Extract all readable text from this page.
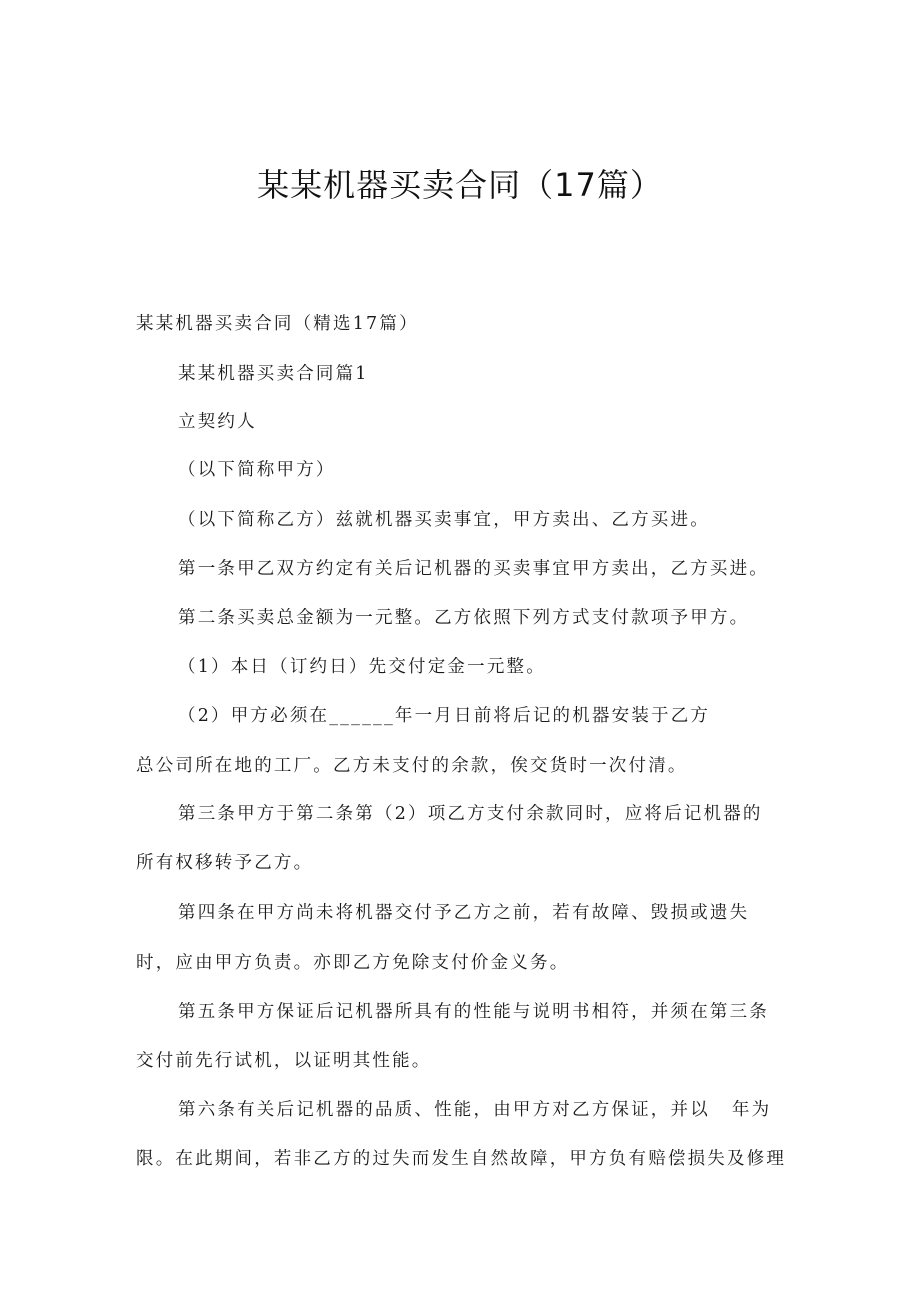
某某机器买卖合同（17篇）
某某机器买卖合同（精选17篇）
某某机器买卖合同篇1
立契约人
（以下简称甲方）
（以下简称乙方）兹就机器买卖事宜，甲方卖出、乙方买进。
第一条甲乙双方约定有关后记机器的买卖事宜甲方卖出，乙方买进。
第二条买卖总金额为一元整。乙方依照下列方式支付款项予甲方。
（1）本日（订约日）先交付定金一元整。
（2）甲方必须在______年一月日前将后记的机器安装于乙方
总公司所在地的工厂。乙方未支付的余款，俟交货时一次付清。
第三条甲方于第二条第（2）项乙方支付余款同时，应将后记机器的
所有权移转予乙方。
第四条在甲方尚未将机器交付予乙方之前，若有故障、毁损或遗失
时，应由甲方负责。亦即乙方免除支付价金义务。
第五条甲方保证后记机器所具有的性能与说明书相符，并须在第三条
交付前先行试机，以证明其性能。
第六条有关后记机器的品质、性能，由甲方对乙方保证，并以 年为
限。在此期间，若非乙方的过失而发生自然故障，甲方负有赔偿损失及修理
